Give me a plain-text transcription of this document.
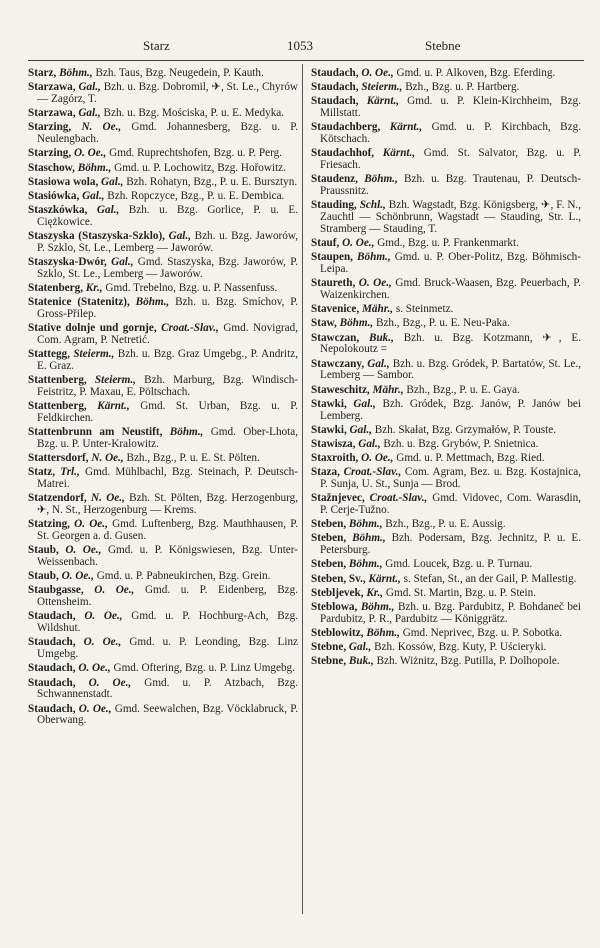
Starz	1053	Stebne
Starz, Böhm., Bzh. Taus, Bzg. Neugedein, P. Kauth.
Starzawa, Gal., Bzh. u. Bzg. Dobromil, ✈, St. Le., Chyrów — Zagórz, T.
Starzawa, Gal., Bzh. u. Bzg. Mościska, P. u. E. Medyka.
Starzing, N. Oe., Gmd. Johannesberg, Bzg. u. P. Neulengbach.
Starzing, O. Oe., Gmd. Ruprechtshofen, Bzg. u. P. Perg.
Staschow, Böhm., Gmd. u. P. Lochowitz, Bzg. Hořowitz.
Stasiowa wola, Gal., Bzh. Rohatyn, Bzg., P. u. E. Bursztyn.
Stasiówka, Gal., Bzh. Ropczyce, Bzg., P. u. E. Dembica.
Staszkówka, Gal., Bzh. u. Bzg. Gorlice, P. u. E. Ciężkowice.
Staszyska (Staszyska-Szklo), Gal., Bzh. u. Bzg. Jaworów, P. Szklo, St. Le., Lemberg — Jaworów.
Staszyska-Dwór, Gal., Gmd. Staszyska, Bzg. Jaworów, P. Szklo, St. Le., Lemberg — Jaworów.
Statenberg, Kr., Gmd. Trebelno, Bzg. u. P. Nassenfuss.
Statenice (Statenitz), Böhm., Bzh. u. Bzg. Smíchov, P. Gross-Přilep.
Stative dolnje und gornje, Croat.-Slav., Gmd. Novigrad, Com. Agram, P. Netretić.
Stattegg, Steierm., Bzh. u. Bzg. Graz Umgebg., P. Andritz, E. Graz.
Stattenberg, Steierm., Bzh. Marburg, Bzg. Windisch-Feistritz, P. Maxau, E. Pöltschach.
Stattenberg, Kärnt., Gmd. St. Urban, Bzg. u. P. Feldkirchen.
Stattenbrunn am Neustift, Böhm., Gmd. Ober-Lhota, Bzg. u. P. Unter-Kralowitz.
Stattersdorf, N. Oe., Bzh., Bzg., P. u. E. St. Pölten.
Statz, Trl., Gmd. Mühlbachl, Bzg. Steinach, P. Deutsch-Matrei.
Statzendorf, N. Oe., Bzh. St. Pölten, Bzg. Herzogenburg, ✈, N. St., Herzogenburg — Krems.
Statzing, O. Oe., Gmd. Luftenberg, Bzg. Mauthhausen, P. St. Georgen a. d. Gusen.
Staub, O. Oe., Gmd. u. P. Königswiesen, Bzg. Unter-Weissenbach.
Staub, O. Oe., Gmd. u. P. Pabneukirchen, Bzg. Grein.
Staubgasse, O. Oe., Gmd. u. P. Eidenberg, Bzg. Ottensheim.
Staudach, O. Oe., Gmd. u. P. Hochburg-Ach, Bzg. Wildshut.
Staudach, O. Oe., Gmd. u. P. Leonding, Bzg. Linz Umgebg.
Staudach, O. Oe., Gmd. Oftering, Bzg. u. P. Linz Umgebg.
Staudach, O. Oe., Gmd. u. P. Atzbach, Bzg. Schwannenstadt.
Staudach, O. Oe., Gmd. Seewalchen, Bzg. Vöcklabruck, P. Oberwang.
Staudach, O. Oe., Gmd. u. P. Alkoven, Bzg. Eferding.
Staudach, Steierm., Bzh., Bzg. u. P. Hartberg.
Staudach, Kärnt., Gmd. u. P. Klein-Kirchheim, Bzg. Millstatt.
Staudachberg, Kärnt., Gmd. u. P. Kirchbach, Bzg. Kötschach.
Staudachhof, Kärnt., Gmd. St. Salvator, Bzg. u. P. Friesach.
Staudenz, Böhm., Bzh. u. Bzg. Trautenau, P. Deutsch-Praussnitz.
Stauding, Schl., Bzh. Wagstadt, Bzg. Königsberg, ✈, F. N., Zauchtl — Schönbrunn, Wagstadt — Stauding, Str. L., Stramberg — Stauding, T.
Stauf, O. Oe., Gmd., Bzg. u. P. Frankenmarkt.
Staupen, Böhm., Gmd. u. P. Ober-Politz, Bzg. Böhmisch-Leipa.
Staureth, O. Oe., Gmd. Bruck-Waasen, Bzg. Peuerbach, P. Waizenkirchen.
Stavenice, Mähr., s. Steinmetz.
Staw, Böhm., Bzh., Bzg., P. u. E. Neu-Paka.
Stawczan, Buk., Bzh. u. Bzg. Kotzmann, ✈, E. Nepolokoutz =
Stawczany, Gal., Bzh. u. Bzg. Gródek, P. Bartatów, St. Le., Lemberg — Sambor.
Staweschitz, Mähr., Bzh., Bzg., P. u. E. Gaya.
Stawki, Gal., Bzh. Gródek, Bzg. Janów, P. Janów bei Lemberg.
Stawki, Gal., Bzh. Skałat, Bzg. Grzymałów, P. Touste.
Stawisza, Gal., Bzh. u. Bzg. Grybów, P. Snietnica.
Staxroith, O. Oe., Gmd. u. P. Mettmach, Bzg. Ried.
Staza, Croat.-Slav., Com. Agram, Bez. u. Bzg. Kostajnica, P. Sunja, U. St., Sunja — Brod.
Stažnjevec, Croat.-Slav., Gmd. Vidovec, Com. Warasdin, P. Cerje-Tužno.
Steben, Böhm., Bzh., Bzg., P. u. E. Aussig.
Steben, Böhm., Bzh. Podersam, Bzg. Jechnitz, P. u. E. Petersburg.
Steben, Böhm., Gmd. Loucek, Bzg. u. P. Turnau.
Steben, Sv., Kärnt., s. Stefan, St., an der Gail, P. Mallestig.
Stebljevek, Kr., Gmd. St. Martin, Bzg. u. P. Stein.
Steblowa, Böhm., Bzh. u. Bzg. Pardubitz, P. Bohdaneč bei Pardubitz, P. R., Pardubitz — Königgrätz.
Steblowitz, Böhm., Gmd. Neprivec, Bzg. u. P. Sobotka.
Stebne, Gal., Bzh. Kossów, Bzg. Kuty, P. Uścieryki.
Stebne, Buk., Bzh. Wiżnitz, Bzg. Putilla, P. Dolhopole.
